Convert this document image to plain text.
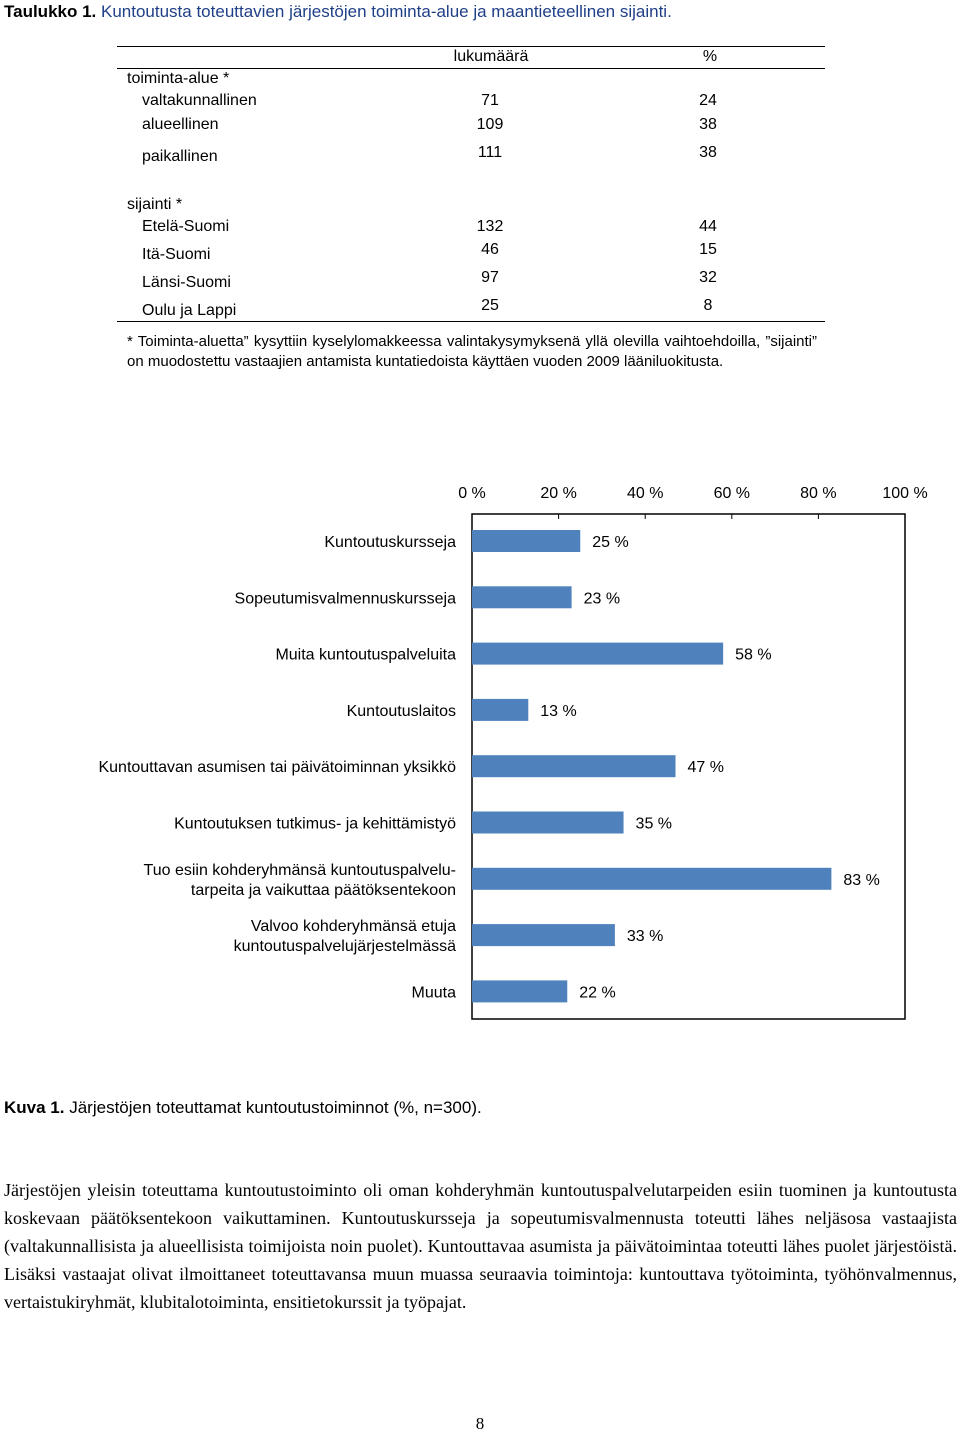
Taulukko 1. Kuntoutusta toteuttavien järjestöjen toiminta-alue ja maantieteellinen sijainti.
lukumäärä	%
toiminta-alue *
valtakunnallinen	71	24
alueellinen	109	38
paikallinen	111	38
sijainti *
Etelä-Suomi	132	44
Itä-Suomi	46	15
Länsi-Suomi	97	32
Oulu ja Lappi	25	8
* Toiminta-aluetta” kysyttiin kyselylomakkeessa valintakysymyksenä yllä olevilla vaihtoehdoilla, ”sijainti” on muodostettu vastaajien antamista kuntatiedoista käyttäen vuoden 2009 lääniluokitusta.
0 %	20 %	40 %	60 %	80 %	100 %
Kuntoutuskursseja
Sopeutumisvalmennuskursseja
Muita kuntoutuspalveluita
Kuntoutuslaitos
Kuntouttavan asumisen tai päivätoiminnan yksikkö
Kuntoutuksen tutkimus- ja kehittämistyö
Tuo esiin kohderyhmänsä kuntoutuspalvelu-
tarpeita ja vaikuttaa päätöksentekoon
Valvoo kohderyhmänsä etuja
kuntoutuspalvelujärjestelmässä
Muuta
25 %
23 %
58 %
13 %
47 %
35 %
83 %
33 %
22 %
Kuva 1. Järjestöjen toteuttamat kuntoutustoiminnot (%, n=300).
Järjestöjen yleisin toteuttama kuntoutustoiminto oli oman kohderyhmän kuntoutuspalvelutarpeiden esiin tuominen ja kuntoutusta koskevaan päätöksentekoon vaikuttaminen. Kuntoutuskursseja ja sopeutumisvalmennusta toteutti lähes neljäsosa vastaajista (valtakunnallisista ja alueellisista toimijoista noin puolet). Kuntouttavaa asumista ja päivätoimintaa toteutti lähes puolet järjestöistä. Lisäksi vastaajat olivat ilmoittaneet toteuttavansa muun muassa seuraavia toimintoja: kuntouttava työtoiminta, työhönvalmennus, vertaistukiryhmät, klubitalotoiminta, ensitietokurssit ja työpajat.
8
